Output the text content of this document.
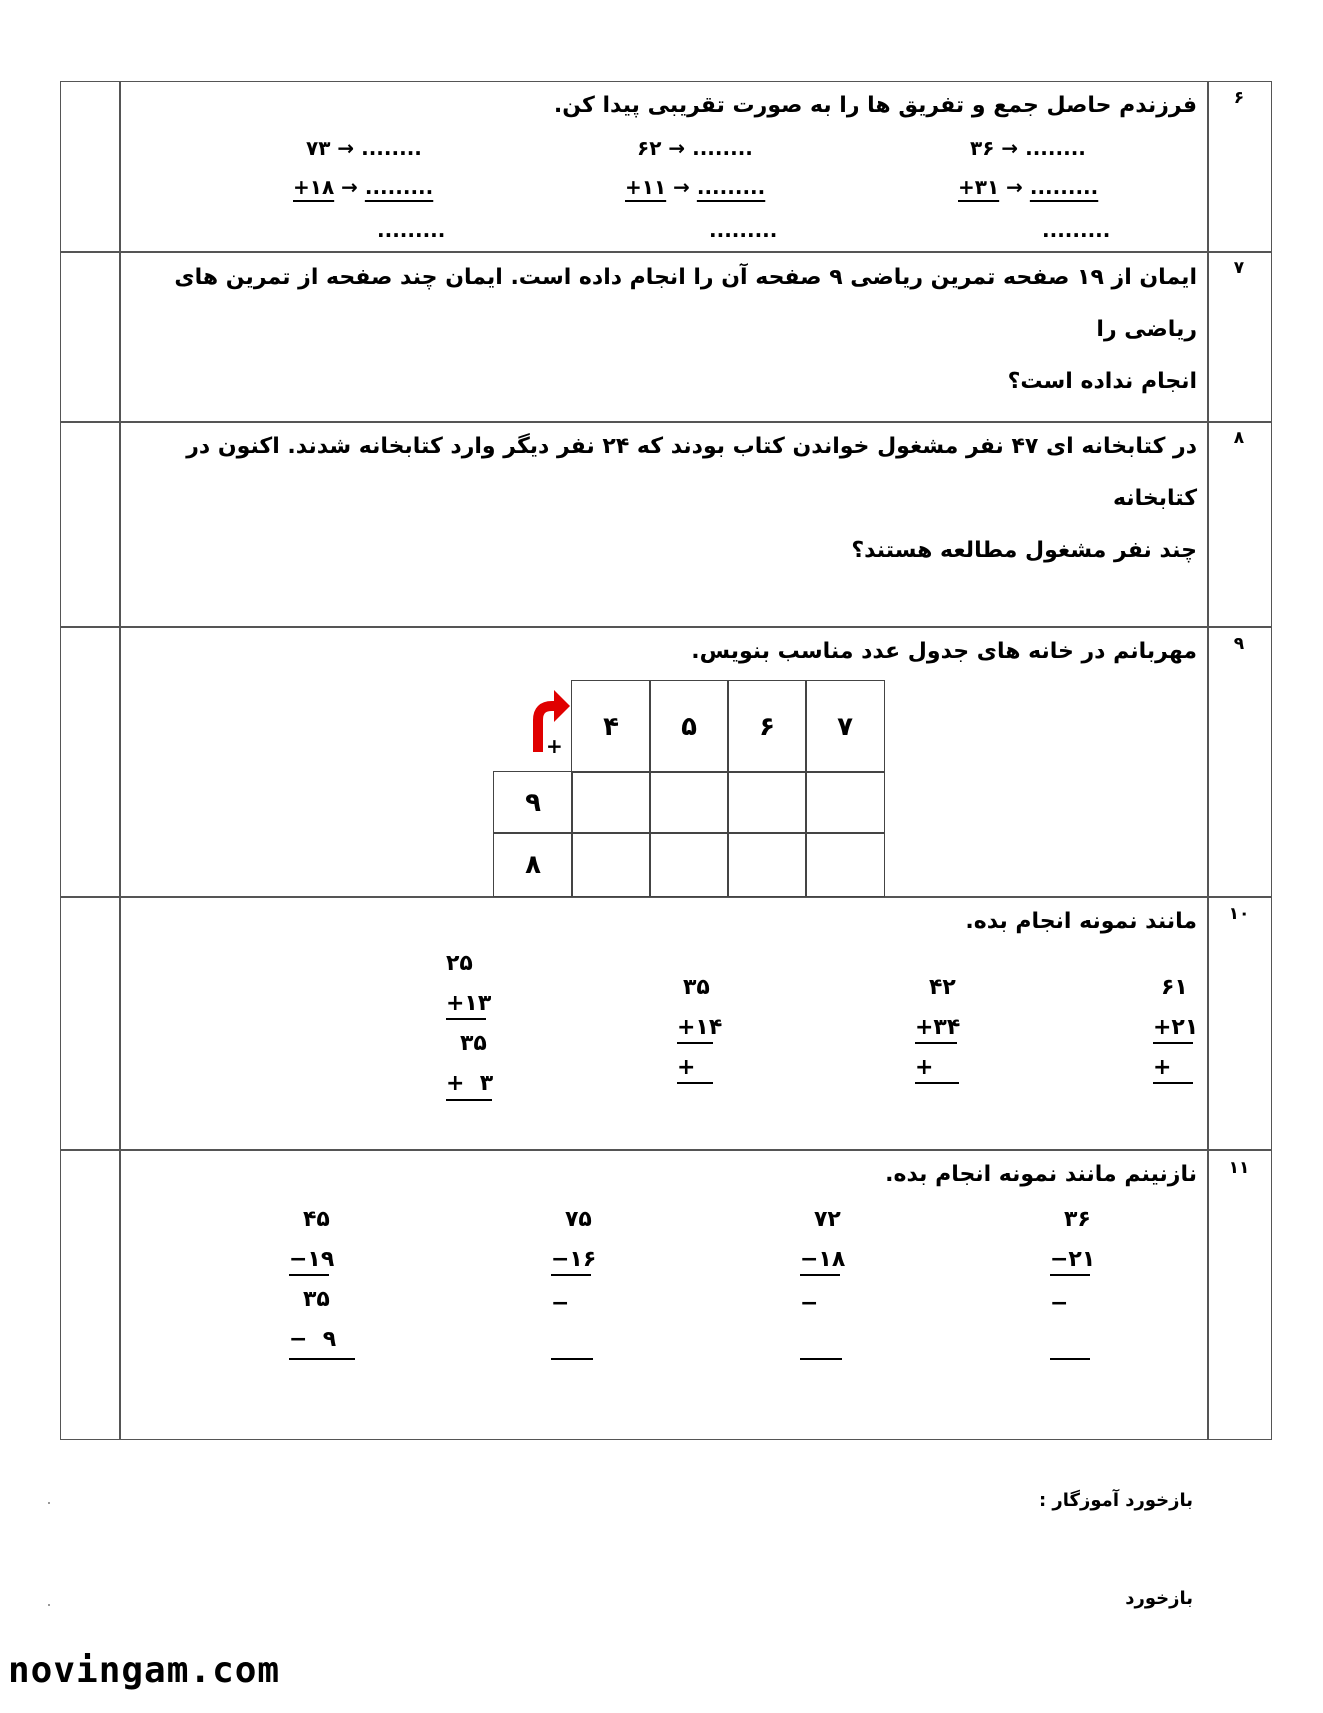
۶
فرزندم حاصل جمع و تفریق ها را به صورت تقریبی پیدا کن.
۳۶ → ........
+۳۱ → .........
.........
۶۲ → ........
+۱۱ → .........
.........
۷۳ → ........
+۱۸ → .........
.........
۷
ایمان از ۱۹ صفحه تمرین ریاضی ۹ صفحه آن را انجام داده است. ایمان چند صفحه از تمرین های ریاضی را
انجام نداده است؟
۸
در کتابخانه ای ۴۷ نفر مشغول خواندن کتاب بودند که ۲۴ نفر دیگر وارد کتابخانه شدند. اکنون در کتابخانه
چند نفر مشغول مطالعه هستند؟
۹
مهربانم در خانه های جدول عدد مناسب بنویس.
۷
۶
۵
۴
۹
۸
+
۱۰
مانند نمونه انجام بده.
۲۵
+۱۳
۳۵
+  ۳
۶۱
+۲۱
+
۴۲
+۳۴
+
۳۵
+۱۴
+
۱۱
نازنینم مانند نمونه انجام بده.
۴۵
−۱۹
۳۵
−  ۹
۳۶
−۲۱
−
۷۲
−۱۸
−
۷۵
−۱۶
−
بازخورد آموزگار :
بازخورد
novingam.com
